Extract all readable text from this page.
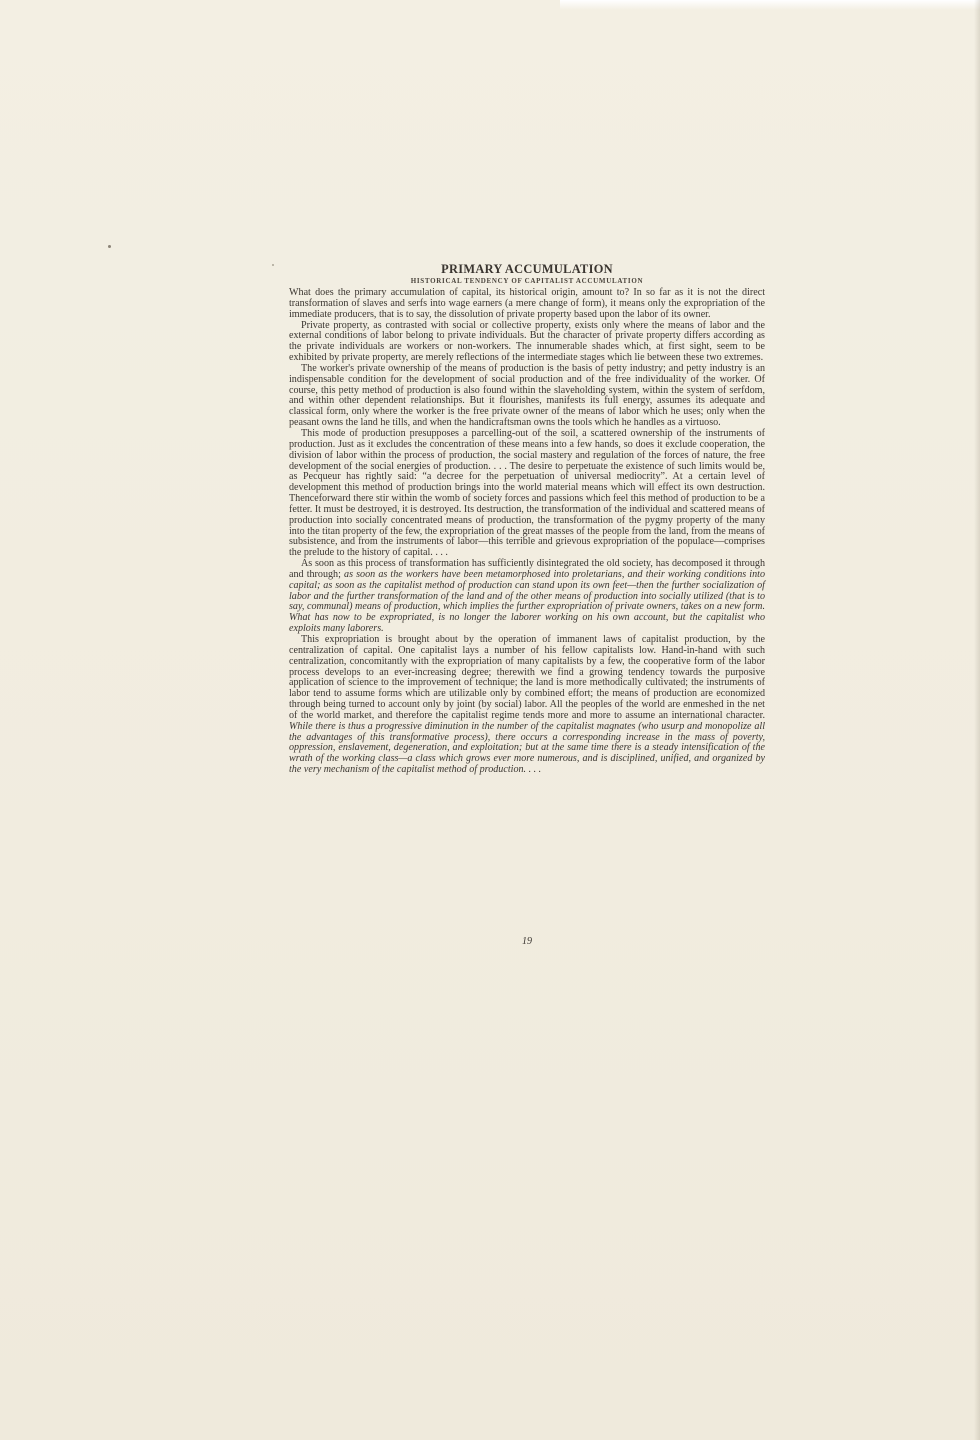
PRIMARY ACCUMULATION
HISTORICAL TENDENCY OF CAPITALIST ACCUMULATION

What does the primary accumulation of capital, its historical origin, amount to? In so far as it is not the direct transformation of slaves and serfs into wage earners (a mere change of form), it means only the expropriation of the immediate producers, that is to say, the dissolution of private property based upon the labor of its owner.

Private property, as contrasted with social or collective property, exists only where the means of labor and the external conditions of labor belong to private individuals. But the character of private property differs according as the private individuals are workers or non-workers. The innumerable shades which, at first sight, seem to be exhibited by private property, are merely reflections of the intermediate stages which lie between these two extremes.

The worker's private ownership of the means of production is the basis of petty industry; and petty industry is an indispensable condition for the development of social production and of the free individuality of the worker. Of course, this petty method of production is also found within the slaveholding system, within the system of serfdom, and within other dependent relationships. But it flourishes, manifests its full energy, assumes its adequate and classical form, only where the worker is the free private owner of the means of labor which he uses; only when the peasant owns the land he tills, and when the handicraftsman owns the tools which he handles as a virtuoso.

This mode of production presupposes a parcelling-out of the soil, a scattered ownership of the instruments of production. Just as it excludes the concentration of these means into a few hands, so does it exclude cooperation, the division of labor within the process of production, the social mastery and regulation of the forces of nature, the free development of the social energies of production. . . . The desire to perpetuate the existence of such limits would be, as Pecqueur has rightly said: “a decree for the perpetuation of universal mediocrity”. At a certain level of development this method of production brings into the world material means which will effect its own destruction. Thenceforward there stir within the womb of society forces and passions which feel this method of production to be a fetter. It must be destroyed, it is destroyed. Its destruction, the transformation of the individual and scattered means of production into socially concentrated means of production, the transformation of the pygmy property of the many into the titan property of the few, the expropriation of the great masses of the people from the land, from the means of subsistence, and from the instruments of labor—this terrible and grievous expropriation of the populace—comprises the prelude to the history of capital. . . .

As soon as this process of transformation has sufficiently disintegrated the old society, has decomposed it through and through; as soon as the workers have been metamorphosed into proletarians, and their working conditions into capital; as soon as the capitalist method of production can stand upon its own feet—then the further socialization of labor and the further transformation of the land and of the other means of production into socially utilized (that is to say, communal) means of production, which implies the further expropriation of private owners, takes on a new form. What has now to be expropriated, is no longer the laborer working on his own account, but the capitalist who exploits many laborers.

This expropriation is brought about by the operation of immanent laws of capitalist production, by the centralization of capital. One capitalist lays a number of his fellow capitalists low. Hand-in-hand with such centralization, concomitantly with the expropriation of many capitalists by a few, the cooperative form of the labor process develops to an ever-increasing degree; therewith we find a growing tendency towards the purposive application of science to the improvement of technique; the land is more methodically cultivated; the instruments of labor tend to assume forms which are utilizable only by combined effort; the means of production are economized through being turned to account only by joint (by social) labor. All the peoples of the world are enmeshed in the net of the world market, and therefore the capitalist regime tends more and more to assume an international character. While there is thus a progressive diminution in the number of the capitalist magnates (who usurp and monopolize all the advantages of this transformative process), there occurs a corresponding increase in the mass of poverty, oppression, enslavement, degeneration, and exploitation; but at the same time there is a steady intensification of the wrath of the working class—a class which grows ever more numerous, and is disciplined, unified, and organized by the very mechanism of the capitalist method of production. . . .

19
